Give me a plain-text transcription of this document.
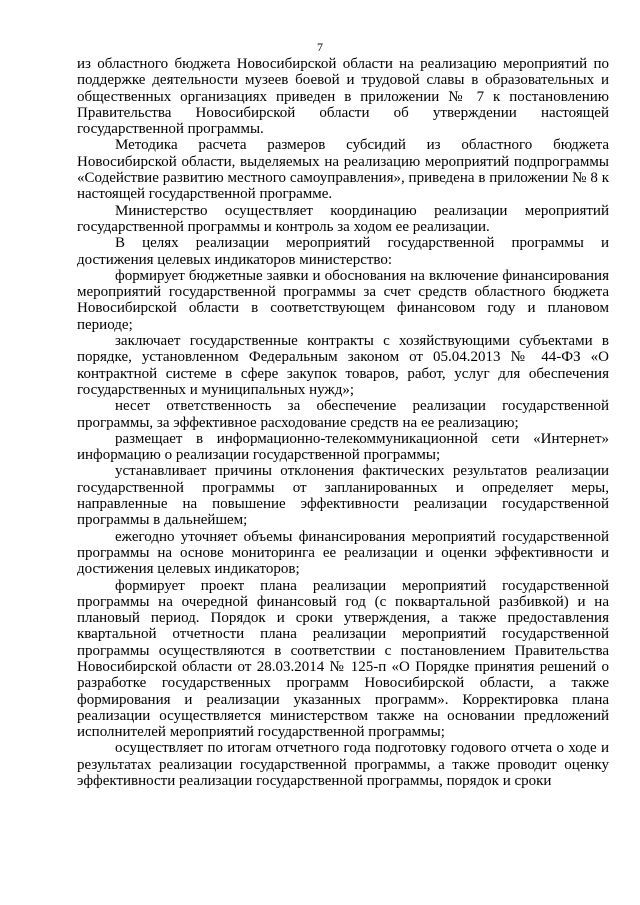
7

из областного бюджета Новосибирской области на реализацию мероприятий по поддержке деятельности музеев боевой и трудовой славы в образовательных и общественных организациях приведен в приложении № 7 к постановлению Правительства Новосибирской области об утверждении настоящей государственной программы.

Методика расчета размеров субсидий из областного бюджета Новосибирской области, выделяемых на реализацию мероприятий подпрограммы «Содействие развитию местного самоуправления», приведена в приложении № 8 к настоящей государственной программе.

Министерство осуществляет координацию реализации мероприятий государственной программы и контроль за ходом ее реализации.

В целях реализации мероприятий государственной программы и достижения целевых индикаторов министерство:

формирует бюджетные заявки и обоснования на включение финансирования мероприятий государственной программы за счет средств областного бюджета Новосибирской области в соответствующем финансовом году и плановом периоде;

заключает государственные контракты с хозяйствующими субъектами в порядке, установленном Федеральным законом от 05.04.2013 № 44-ФЗ «О контрактной системе в сфере закупок товаров, работ, услуг для обеспечения государственных и муниципальных нужд»;

несет ответственность за обеспечение реализации государственной программы, за эффективное расходование средств на ее реализацию;

размещает в информационно-телекоммуникационной сети «Интернет» информацию о реализации государственной программы;

устанавливает причины отклонения фактических результатов реализации государственной программы от запланированных и определяет меры, направленные на повышение эффективности реализации государственной программы в дальнейшем;

ежегодно уточняет объемы финансирования мероприятий государственной программы на основе мониторинга ее реализации и оценки эффективности и достижения целевых индикаторов;

формирует проект плана реализации мероприятий государственной программы на очередной финансовый год (с поквартальной разбивкой) и на плановый период. Порядок и сроки утверждения, а также предоставления квартальной отчетности плана реализации мероприятий государственной программы осуществляются в соответствии с постановлением Правительства Новосибирской области от 28.03.2014 № 125-п «О Порядке принятия решений о разработке государственных программ Новосибирской области, а также формирования и реализации указанных программ». Корректировка плана реализации осуществляется министерством также на основании предложений исполнителей мероприятий государственной программы;

осуществляет по итогам отчетного года подготовку годового отчета о ходе и результатах реализации государственной программы, а также проводит оценку эффективности реализации государственной программы, порядок и сроки
